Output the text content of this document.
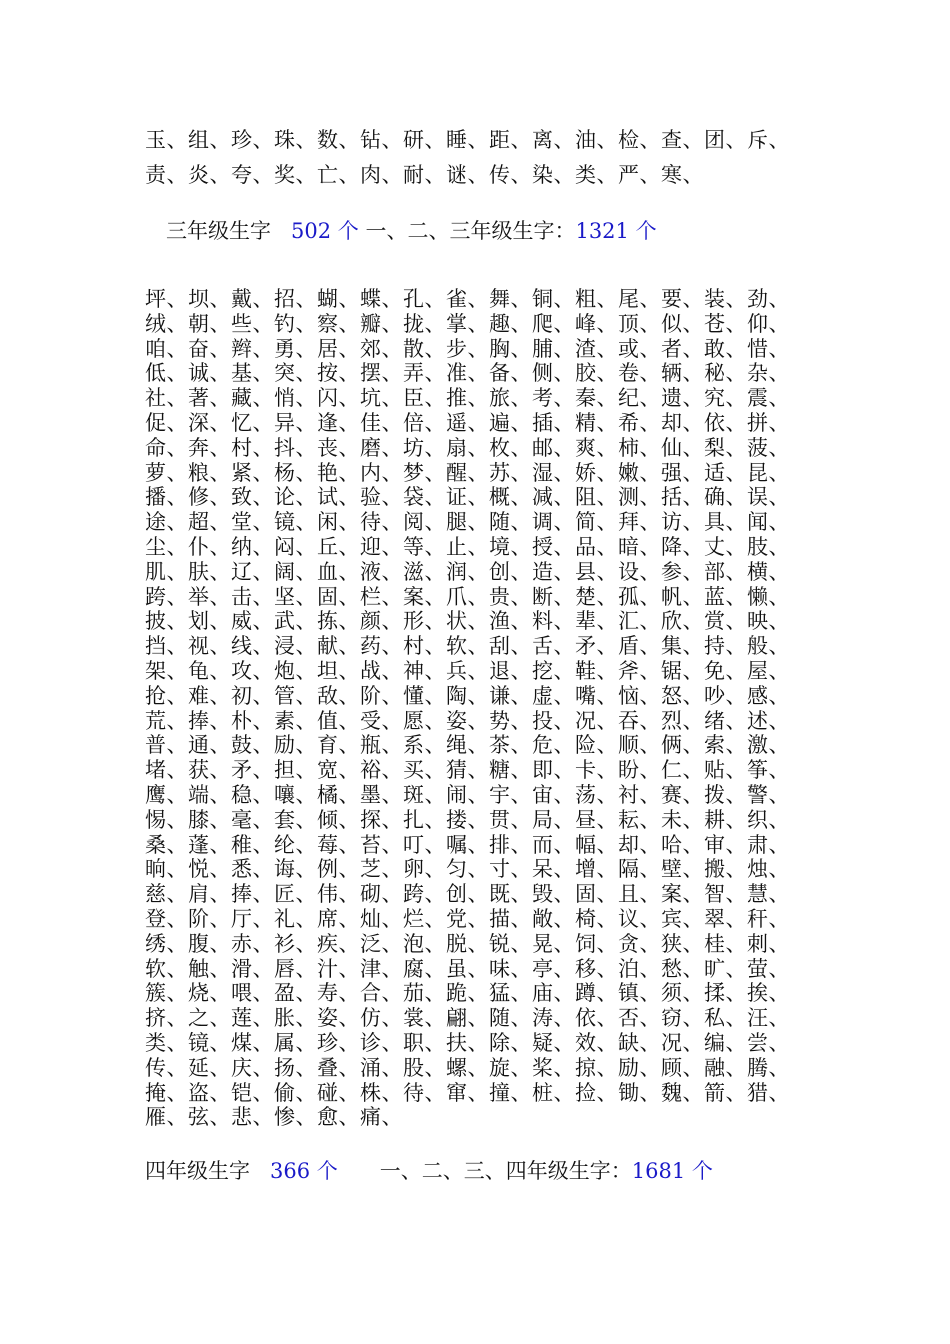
玉、组、珍、珠、数、钻、研、睡、距、离、油、检、查、团、斥、
责、炎、夸、奖、亡、肉、耐、谜、传、染、类、严、寒、
三年级生字 502 个 一、二、三年级生字：1321 个
坪、坝、戴、招、蝴、蝶、孔、雀、舞、铜、粗、尾、要、装、劲、
绒、朝、些、钓、察、瓣、拢、掌、趣、爬、峰、顶、似、苍、仰、
咱、奋、辫、勇、居、郊、散、步、胸、脯、渣、或、者、敢、惜、
低、诚、基、突、按、摆、弄、准、备、侧、胶、卷、辆、秘、杂、
社、著、藏、悄、闪、坑、臣、推、旅、考、秦、纪、遗、究、震、
促、深、忆、异、逢、佳、倍、遥、遍、插、精、希、却、依、拼、
命、奔、村、抖、丧、磨、坊、扇、枚、邮、爽、柿、仙、梨、菠、
萝、粮、紧、杨、艳、内、梦、醒、苏、湿、娇、嫩、强、适、昆、
播、修、致、论、试、验、袋、证、概、减、阻、测、括、确、误、
途、超、堂、镜、闲、待、阅、腿、随、调、简、拜、访、具、闻、
尘、仆、纳、闷、丘、迎、等、止、境、授、品、暗、降、丈、肢、
肌、肤、辽、阔、血、液、滋、润、创、造、县、设、参、部、横、
跨、举、击、坚、固、栏、案、爪、贵、断、楚、孤、帆、蓝、懒、
披、划、威、武、拣、颜、形、状、渔、料、辈、汇、欣、赏、映、
挡、视、线、浸、献、药、村、软、刮、舌、矛、盾、集、持、般、
架、龟、攻、炮、坦、战、神、兵、退、挖、鞋、斧、锯、免、屋、
抢、难、初、管、敌、阶、懂、陶、谦、虚、嘴、恼、怒、吵、感、
荒、捧、朴、素、值、受、愿、姿、势、投、况、吞、烈、绪、述、
普、通、鼓、励、育、瓶、系、绳、茶、危、险、顺、俩、索、激、
堵、获、矛、担、宽、裕、买、猜、糖、即、卡、盼、仁、贴、筝、
鹰、端、稳、嚷、橘、墨、斑、闹、宇、宙、荡、衬、赛、拨、警、
惕、膝、毫、套、倾、探、扎、搂、贯、局、昼、耘、未、耕、织、
桑、蓬、稚、纶、莓、苔、叮、嘱、排、而、幅、却、哈、审、肃、
晌、悦、悉、诲、例、芝、卵、匀、寸、呆、增、隔、壁、搬、烛、
慈、肩、捧、匠、伟、砌、跨、创、既、毁、固、且、案、智、慧、
登、阶、厅、礼、席、灿、烂、党、描、敞、椅、议、宾、翠、秆、
绣、腹、赤、衫、疾、泛、泡、脱、锐、晃、饲、贪、狭、桂、刺、
软、触、滑、唇、汁、津、腐、虽、味、亭、移、泊、愁、旷、萤、
簇、烧、喂、盈、寿、合、茄、跪、猛、庙、蹲、镇、须、揉、挨、
挤、之、莲、胀、姿、仿、裳、翩、随、涛、依、否、窃、私、汪、
类、镜、煤、属、珍、诊、职、扶、除、疑、效、缺、况、编、尝、
传、延、庆、扬、叠、涌、股、螺、旋、桨、掠、励、顾、融、腾、
掩、盗、铠、偷、碰、株、待、窜、撞、桩、捡、锄、魏、箭、猎、
雁、弦、悲、惨、愈、痛、
四年级生字 366 个 一、二、三、四年级生字：1681 个
